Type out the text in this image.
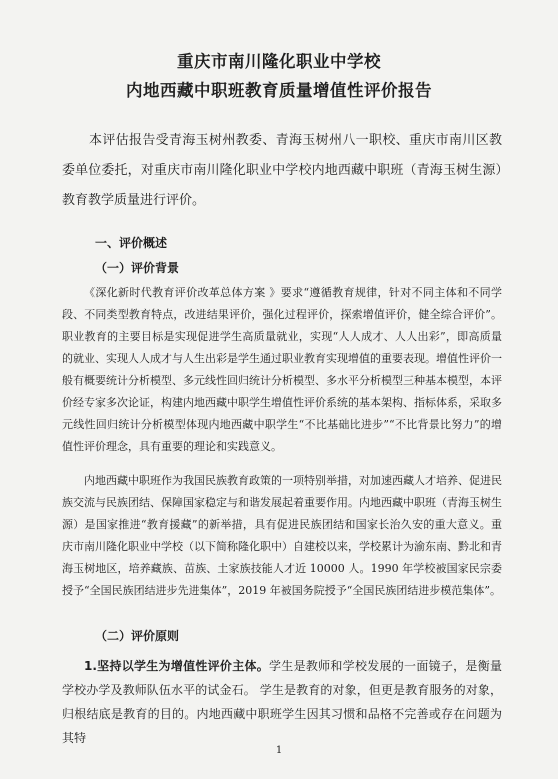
重庆市南川隆化职业中学校
内地西藏中职班教育质量增值性评价报告

本评估报告受青海玉树州教委、青海玉树州八一职校、重庆市南川区教委单位委托，对重庆市南川隆化职业中学校内地西藏中职班（青海玉树生源）教育教学质量进行评价。

一、评价概述
（一）评价背景

《深化新时代教育评价改革总体方案 》要求“遵循教育规律，针对不同主体和不同学段、不同类型教育特点，改进结果评价，强化过程评价，探索增值评价，健全综合评价”。职业教育的主要目标是实现促进学生高质量就业，实现“人人成才、人人出彩”，即高质量的就业、实现人人成才与人生出彩是学生通过职业教育实现增值的重要表现。增值性评价一般有概要统计分析模型、多元线性回归统计分析模型、多水平分析模型三种基本模型，本评价经专家多次论证，构建内地西藏中职学生增值性评价系统的基本架构、指标体系，采取多元线性回归统计分析模型体现内地西藏中职学生“不比基础比进步”“不比背景比努力”的增值性评价理念，具有重要的理论和实践意义。

内地西藏中职班作为我国民族教育政策的一项特别举措，对加速西藏人才培养、促进民族交流与民族团结、保障国家稳定与和谐发展起着重要作用。内地西藏中职班（青海玉树生源）是国家推进“教育援藏”的新举措，具有促进民族团结和国家长治久安的重大意义。重庆市南川隆化职业中学校（以下简称隆化职中）自建校以来，学校累计为渝东南、黔北和青海玉树地区，培养藏族、苗族、土家族技能人才近 10000 人。1990 年学校被国家民宗委授予“全国民族团结进步先进集体”，2019 年被国务院授予“全国民族团结进步模范集体”。

（二）评价原则

1.坚持以学生为增值性评价主体。学生是教师和学校发展的一面镜子，是衡量学校办学及教师队伍水平的试金石。 学生是教育的对象，但更是教育服务的对象，归根结底是教育的目的。内地西藏中职班学生因其习惯和品格不完善或存在问题为其特

1
